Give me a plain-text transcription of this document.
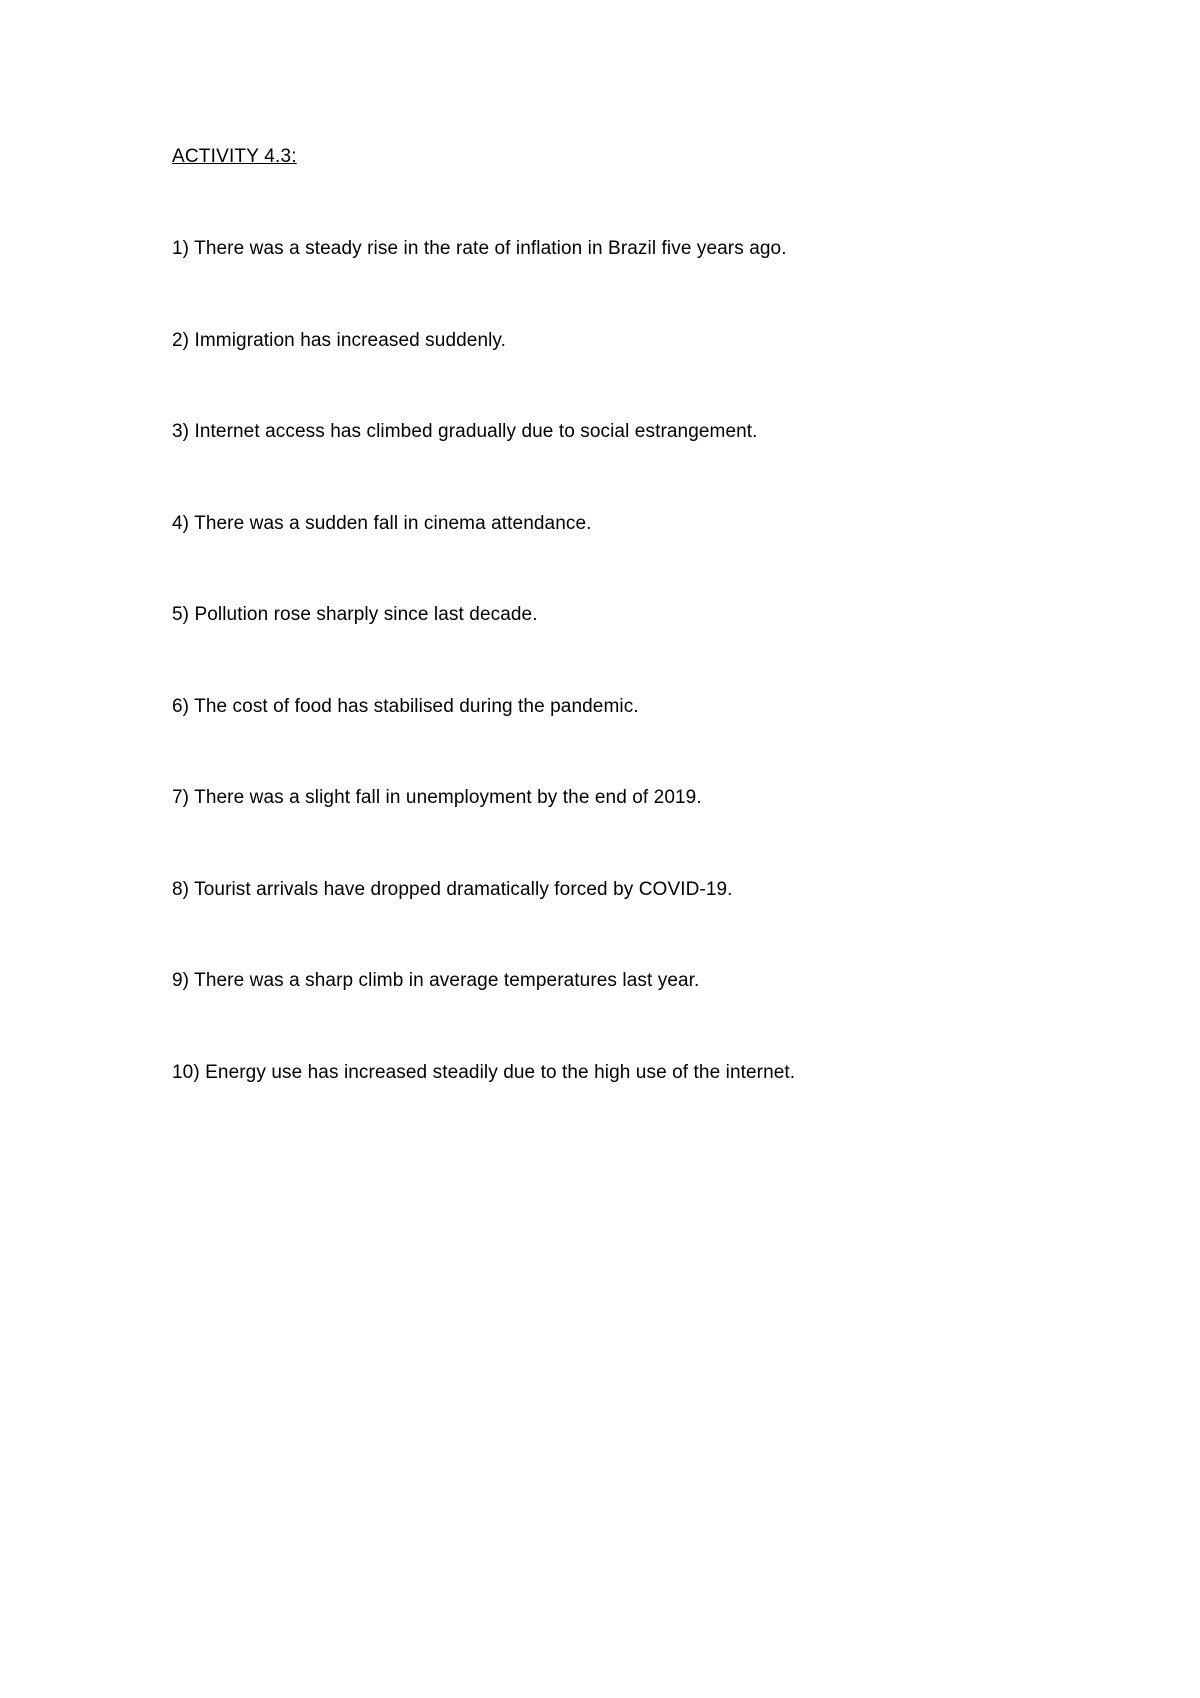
ACTIVITY 4.3:
1) There was a steady rise in the rate of inflation in Brazil five years ago.
2) Immigration has increased suddenly.
3) Internet access has climbed gradually due to social estrangement.
4) There was a sudden fall in cinema attendance.
5) Pollution rose sharply since last decade.
6) The cost of food has stabilised during the pandemic.
7) There was a slight fall in unemployment by the end of 2019.
8) Tourist arrivals have dropped dramatically forced by COVID-19.
9) There was a sharp climb in average temperatures last year.
10) Energy use has increased steadily due to the high use of the internet.
